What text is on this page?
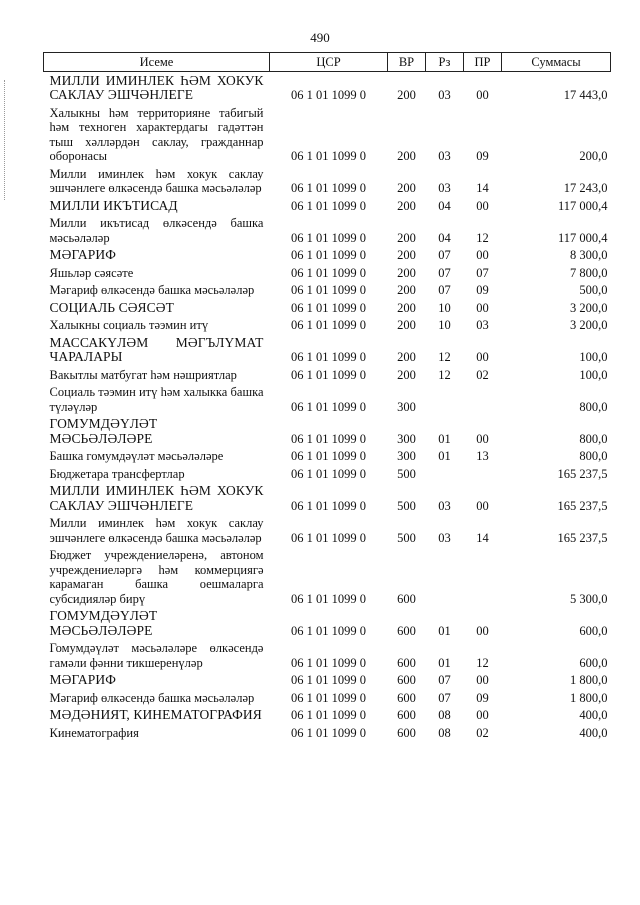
490
Исеме	ЦСР	ВР	Рз	ПР	Суммасы
МИЛЛИ ИМИНЛЕК ҺӘМ ХОКУК САКЛАУ ЭШЧӘНЛЕГЕ	06 1 01 1099 0	200	03	00	17 443,0
Халыкны һәм территорияне табигый һәм техноген характердагы гадәттән тыш хәлләрдән саклау, гражданнар оборонасы	06 1 01 1099 0	200	03	09	200,0
Милли иминлек һәм хокук саклау эшчәнлеге өлкәсендә башка мәсьәләләр	06 1 01 1099 0	200	03	14	17 243,0
МИЛЛИ ИКЪТИСАД	06 1 01 1099 0	200	04	00	117 000,4
Милли икътисад өлкәсендә башка мәсьәләләр	06 1 01 1099 0	200	04	12	117 000,4
МӘГАРИФ	06 1 01 1099 0	200	07	00	8 300,0
Яшьләр сәясәте	06 1 01 1099 0	200	07	07	7 800,0
Мәгариф өлкәсендә башка мәсьәләләр	06 1 01 1099 0	200	07	09	500,0
СОЦИАЛЬ СӘЯСӘТ	06 1 01 1099 0	200	10	00	3 200,0
Халыкны социаль тәэмин итү	06 1 01 1099 0	200	10	03	3 200,0
МАССАКҮЛӘМ МӘГЪЛҮМАТ ЧАРАЛАРЫ	06 1 01 1099 0	200	12	00	100,0
Вакытлы матбугат һәм нәшриятлар	06 1 01 1099 0	200	12	02	100,0
Социаль тәэмин итү һәм халыкка башка түләүләр	06 1 01 1099 0	300			800,0
ГОМУМДӘҮЛӘТ МӘСЬӘЛӘЛӘРЕ	06 1 01 1099 0	300	01	00	800,0
Башка гомумдәүләт мәсьәләләре	06 1 01 1099 0	300	01	13	800,0
Бюджетара трансфертлар	06 1 01 1099 0	500			165 237,5
МИЛЛИ ИМИНЛЕК ҺӘМ ХОКУК САКЛАУ ЭШЧӘНЛЕГЕ	06 1 01 1099 0	500	03	00	165 237,5
Милли иминлек һәм хокук саклау эшчәнлеге өлкәсендә башка мәсьәләләр	06 1 01 1099 0	500	03	14	165 237,5
Бюджет учреждениеләренә, автоном учреждениеләргә һәм коммерциягә карамаган башка оешмаларга субсидияләр бирү	06 1 01 1099 0	600			5 300,0
ГОМУМДӘҮЛӘТ МӘСЬӘЛӘЛӘРЕ	06 1 01 1099 0	600	01	00	600,0
Гомумдәүләт мәсьәләләре өлкәсендә гамәли фәнни тикшеренүләр	06 1 01 1099 0	600	01	12	600,0
МӘГАРИФ	06 1 01 1099 0	600	07	00	1 800,0
Мәгариф өлкәсендә башка мәсьәләләр	06 1 01 1099 0	600	07	09	1 800,0
МӘДӘНИЯТ, КИНЕМАТОГРАФИЯ	06 1 01 1099 0	600	08	00	400,0
Кинематография	06 1 01 1099 0	600	08	02	400,0
